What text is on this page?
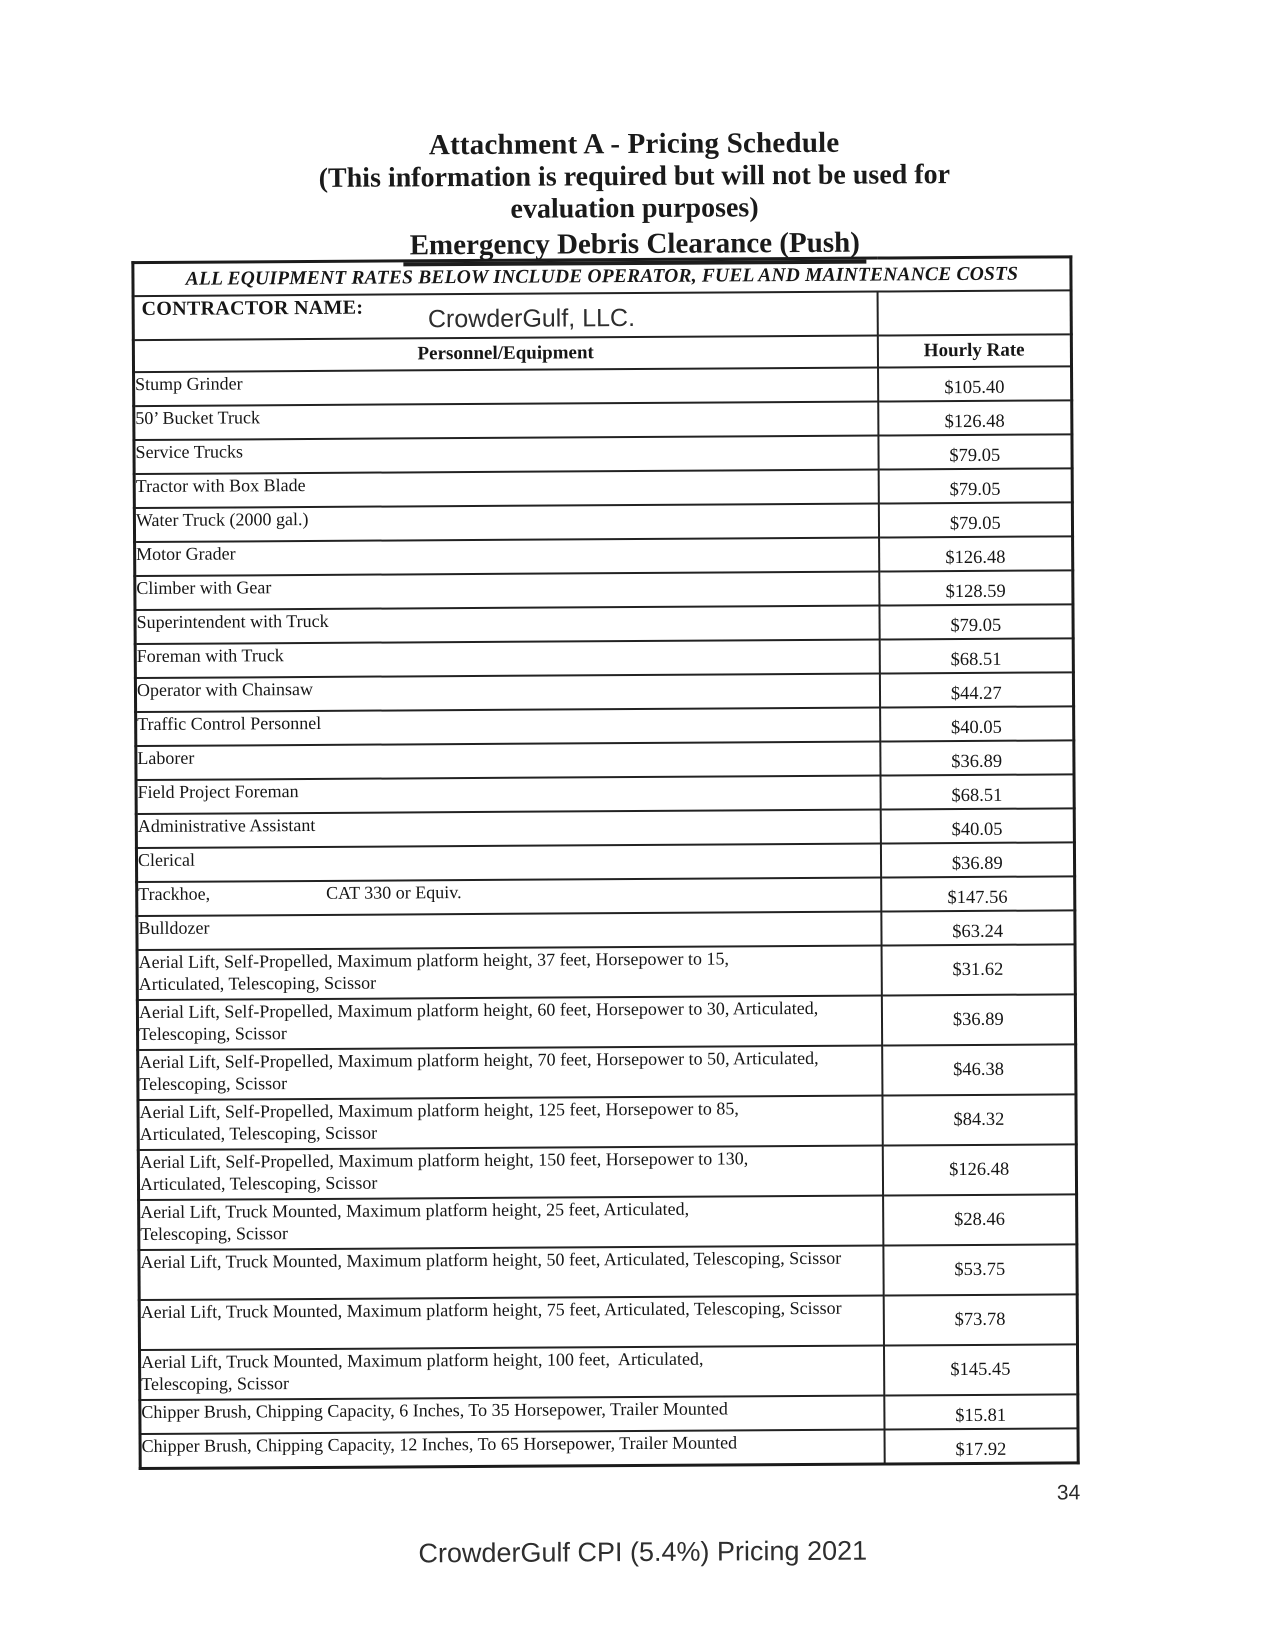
Attachment A - Pricing Schedule
(This information is required but will not be used for
evaluation purposes)
Emergency Debris Clearance (Push)
ALL EQUIPMENT RATES BELOW INCLUDE OPERATOR, FUEL AND MAINTENANCE COSTS	

CONTRACTOR NAME: CrowderGulf, LLC.	

Personnel/Equipment	Hourly Rate
Stump Grinder	$105.40
50’ Bucket Truck	$126.48
Service Trucks	$79.05
Tractor with Box Blade	$79.05
Water Truck (2000 gal.)	$79.05
Motor Grader	$126.48
Climber with Gear	$128.59
Superintendent with Truck	$79.05
Foreman with Truck	$68.51
Operator with Chainsaw	$44.27
Traffic Control Personnel	$40.05
Laborer	$36.89
Field Project Foreman	$68.51
Administrative Assistant	$40.05
Clerical	$36.89
Trackhoe, CAT 330 or Equiv.	$147.56
Bulldozer	$63.24
Aerial Lift, Self-Propelled, Maximum platform height, 37 feet, Horsepower to 15,
Articulated, Telescoping, Scissor	$31.62
Aerial Lift, Self-Propelled, Maximum platform height, 60 feet, Horsepower to 30, Articulated, Telescoping, Scissor	$36.89
Aerial Lift, Self-Propelled, Maximum platform height, 70 feet, Horsepower to 50, Articulated, Telescoping, Scissor	$46.38
Aerial Lift, Self-Propelled, Maximum platform height, 125 feet, Horsepower to 85,
Articulated, Telescoping, Scissor	$84.32
Aerial Lift, Self-Propelled, Maximum platform height, 150 feet, Horsepower to 130,
Articulated, Telescoping, Scissor	$126.48
Aerial Lift, Truck Mounted, Maximum platform height, 25 feet, Articulated,
Telescoping, Scissor	$28.46
Aerial Lift, Truck Mounted, Maximum platform height, 50 feet, Articulated, Telescoping, Scissor	$53.75
Aerial Lift, Truck Mounted, Maximum platform height, 75 feet, Articulated, Telescoping, Scissor	$73.78
Aerial Lift, Truck Mounted, Maximum platform height, 100 feet,  Articulated,
Telescoping, Scissor	$145.45
Chipper Brush, Chipping Capacity, 6 Inches, To 35 Horsepower, Trailer Mounted	$15.81
Chipper Brush, Chipping Capacity, 12 Inches, To 65 Horsepower, Trailer Mounted	$17.92
34
CrowderGulf CPI (5.4%) Pricing 2021
